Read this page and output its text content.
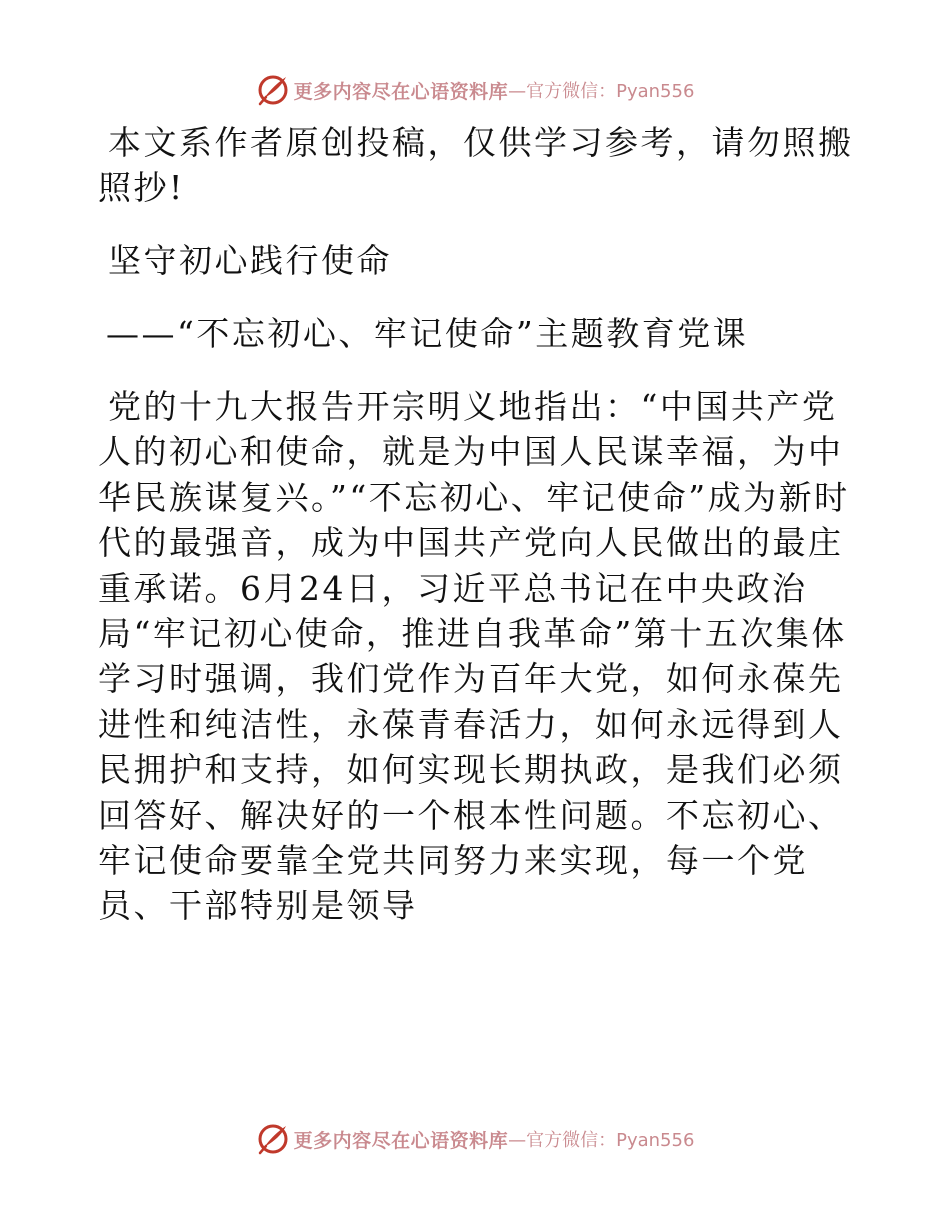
更多内容尽在心语资料库 —官方微信：Pyan556

本文系作者原创投稿，仅供学习参考，请勿照搬照抄!

坚守初心践行使命

——“不忘初心、牢记使命”主题教育党课

党的十九大报告开宗明义地指出：“中国共产党人的初心和使命，就是为中国人民谋幸福，为中华民族谋复兴。”“不忘初心、牢记使命”成为新时代的最强音，成为中国共产党向人民做出的最庄重承诺。6月24日，习近平总书记在中央政治局“牢记初心使命，推进自我革命”第十五次集体学习时强调，我们党作为百年大党，如何永葆先进性和纯洁性，永葆青春活力，如何永远得到人民拥护和支持，如何实现长期执政，是我们必须回答好、解决好的一个根本性问题。不忘初心、牢记使命要靠全党共同努力来实现，每一个党员、干部特别是领导

更多内容尽在心语资料库 —官方微信：Pyan556
